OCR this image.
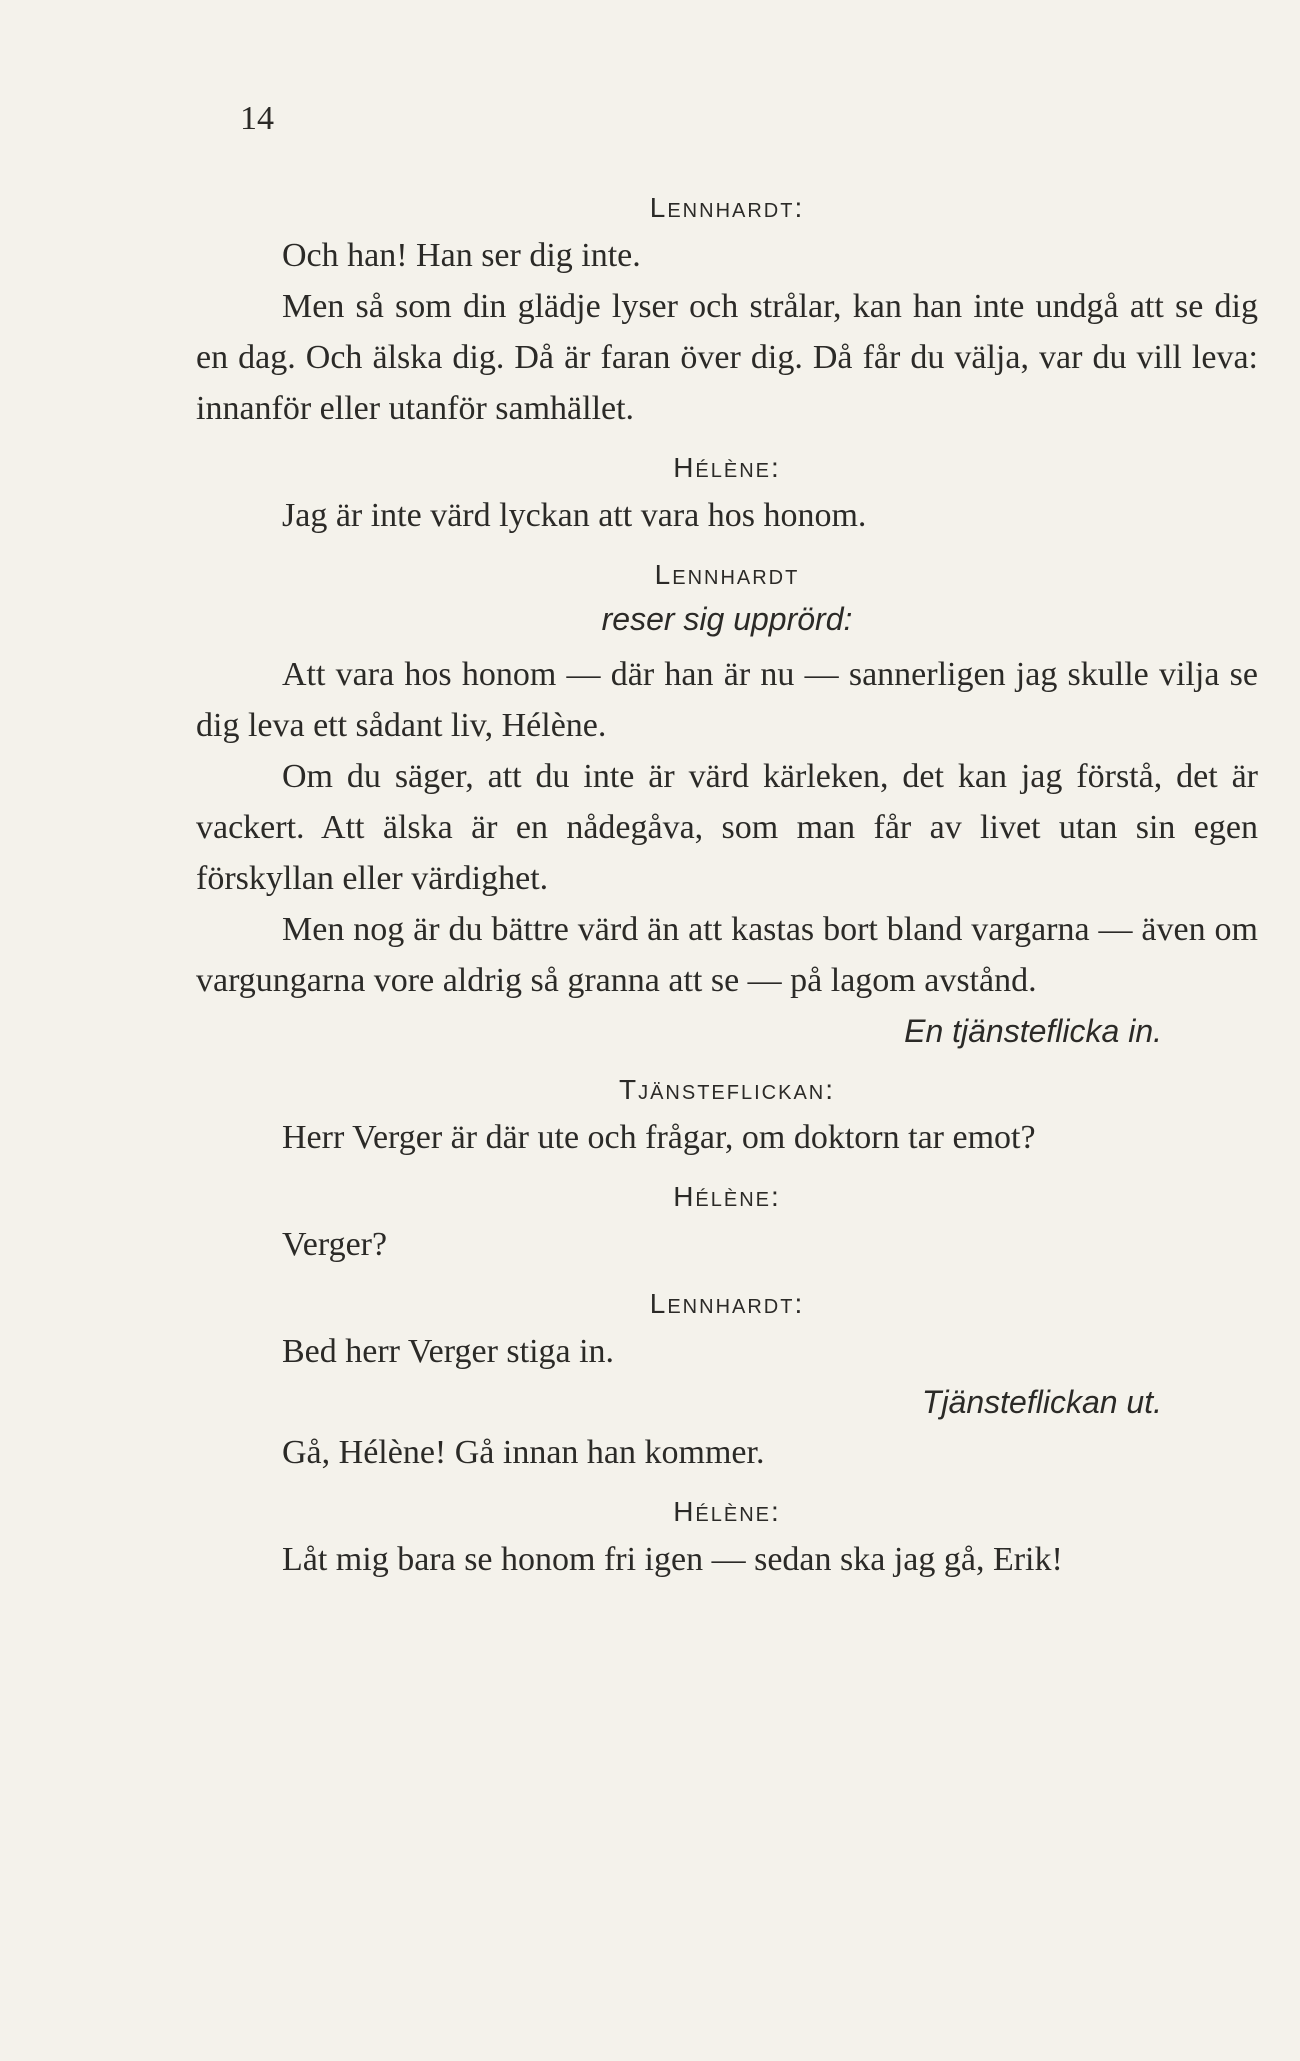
14

Lennhardt:

Och han! Han ser dig inte.

Men så som din glädje lyser och strålar, kan han inte undgå att se dig en dag. Och älska dig. Då är faran över dig. Då får du välja, var du vill leva: innanför eller utanför samhället.

Hélène:

Jag är inte värd lyckan att vara hos honom.

Lennhardt

reser sig upprörd:

Att vara hos honom — där han är nu — sannerligen jag skulle vilja se dig leva ett sådant liv, Hélène.

Om du säger, att du inte är värd kärleken, det kan jag förstå, det är vackert. Att älska är en nådegåva, som man får av livet utan sin egen förskyllan eller värdighet.

Men nog är du bättre värd än att kastas bort bland vargarna — även om vargungarna vore aldrig så granna att se — på lagom avstånd.

En tjänsteflicka in.

Tjänsteflickan:

Herr Verger är där ute och frågar, om doktorn tar emot?

Hélène:

Verger?

Lennhardt:

Bed herr Verger stiga in.

Tjänsteflickan ut.

Gå, Hélène! Gå innan han kommer.

Hélène:

Låt mig bara se honom fri igen — sedan ska jag gå, Erik!
